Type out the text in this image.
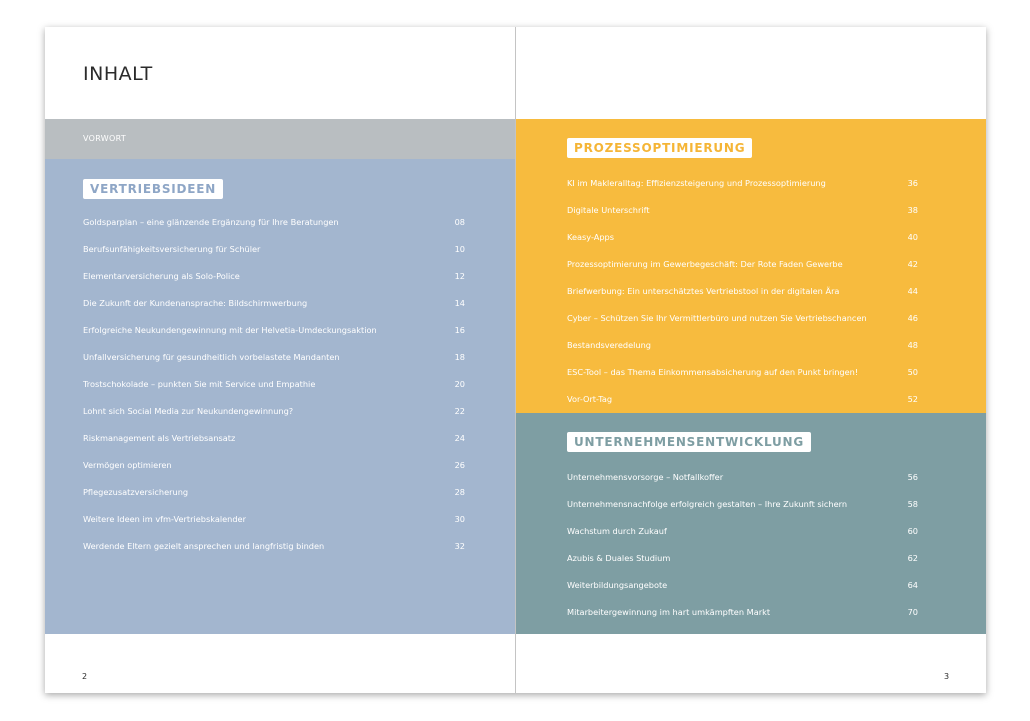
INHALT
VORWORT
VERTRIEBSIDEEN
Goldsparplan – eine glänzende Ergänzung für Ihre Beratungen	08
Berufsunfähigkeitsversicherung für Schüler	10
Elementarversicherung als Solo-Police	12
Die Zukunft der Kundenansprache: Bildschirmwerbung	14
Erfolgreiche Neukundengewinnung mit der Helvetia-Umdeckungsaktion	16
Unfallversicherung für gesundheitlich vorbelastete Mandanten	18
Trostschokolade – punkten Sie mit Service und Empathie	20
Lohnt sich Social Media zur Neukundengewinnung?	22
Riskmanagement als Vertriebsansatz	24
Vermögen optimieren	26
Pflegezusatzversicherung	28
Weitere Ideen im vfm-Vertriebskalender	30
Werdende Eltern gezielt ansprechen und langfristig binden	32
2
PROZESSOPTIMIERUNG
KI im Makleralltag: Effizienzsteigerung und Prozessoptimierung	36
Digitale Unterschrift	38
Keasy-Apps	40
Prozessoptimierung im Gewerbegeschäft: Der Rote Faden Gewerbe	42
Briefwerbung: Ein unterschätztes Vertriebstool in der digitalen Ära	44
Cyber – Schützen Sie Ihr Vermittlerbüro und nutzen Sie Vertriebschancen	46
Bestandsveredelung	48
ESC-Tool – das Thema Einkommensabsicherung auf den Punkt bringen!	50
Vor-Ort-Tag	52
UNTERNEHMENSENTWICKLUNG
Unternehmensvorsorge – Notfallkoffer	56
Unternehmensnachfolge erfolgreich gestalten – Ihre Zukunft sichern	58
Wachstum durch Zukauf	60
Azubis & Duales Studium	62
Weiterbildungsangebote	64
Mitarbeitergewinnung im hart umkämpften Markt	70
3
